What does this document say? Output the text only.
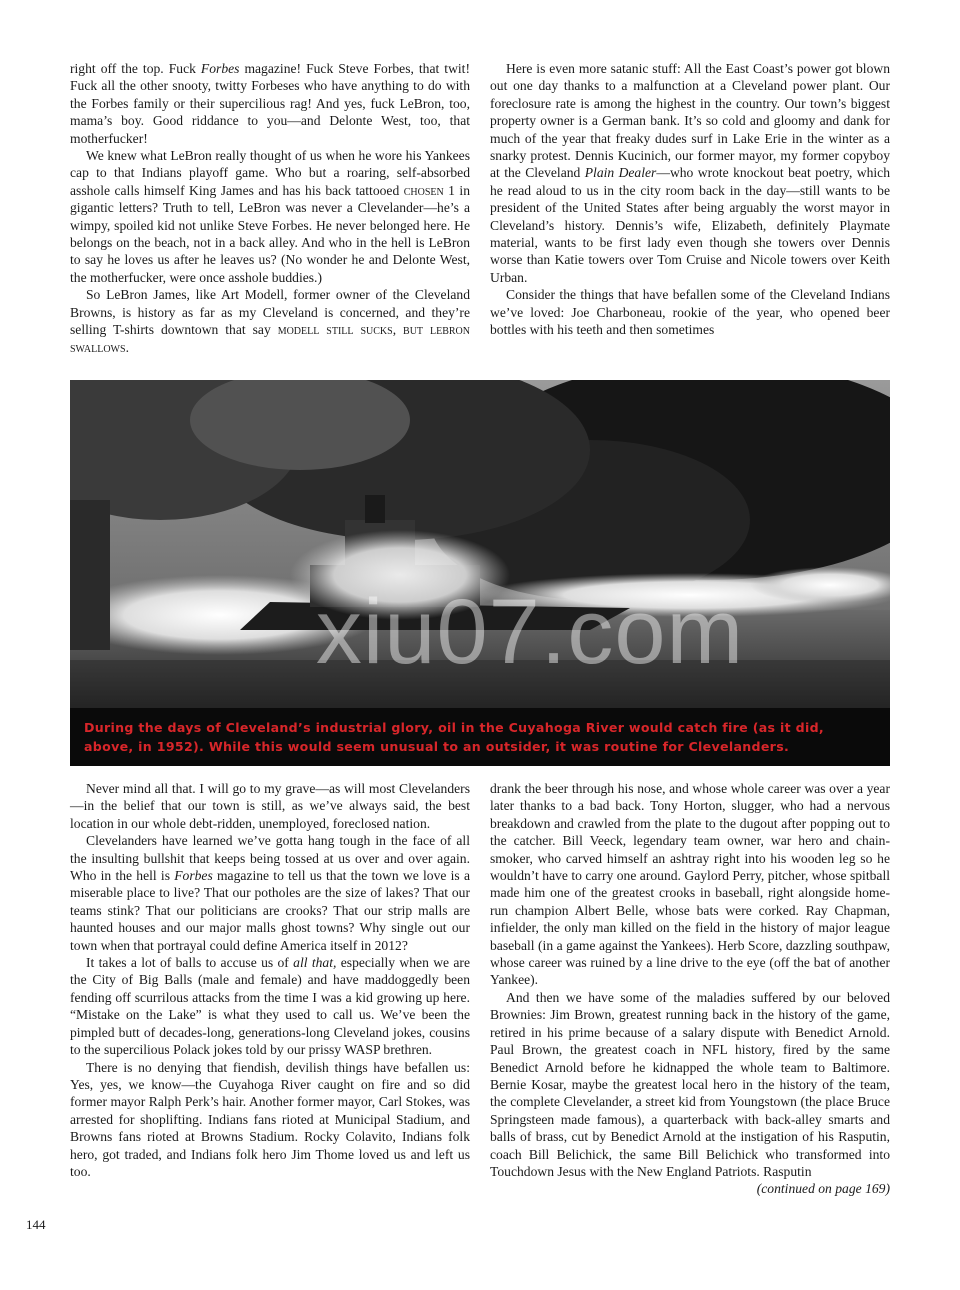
right off the top. Fuck Forbes magazine! Fuck Steve Forbes, that twit! Fuck all the other snooty, twitty Forbeses who have anything to do with the Forbes family or their supercilious rag! And yes, fuck LeBron, too, mama’s boy. Good riddance to you—and Delonte West, too, that motherfucker!

We knew what LeBron really thought of us when he wore his Yankees cap to that Indians playoff game. Who but a roaring, self-absorbed asshole calls himself King James and has his back tattooed chosen 1 in gigantic letters? Truth to tell, LeBron was never a Clevelander—he’s a wimpy, spoiled kid not unlike Steve Forbes. He never belonged here. He belongs on the beach, not in a back alley. And who in the hell is LeBron to say he loves us after he leaves us? (No wonder he and Delonte West, the motherfucker, were once asshole buddies.)

So LeBron James, like Art Modell, former owner of the Cleveland Browns, is history as far as my Cleveland is concerned, and they’re selling T-shirts downtown that say modell still sucks, but lebron swallows.

Here is even more satanic stuff: All the East Coast’s power got blown out one day thanks to a malfunction at a Cleveland power plant. Our foreclosure rate is among the highest in the country. Our town’s biggest property owner is a German bank. It’s so cold and gloomy and dank for much of the year that freaky dudes surf in Lake Erie in the winter as a snarky protest. Dennis Kucinich, our former mayor, my former copyboy at the Cleveland Plain Dealer—who wrote knockout beat poetry, which he read aloud to us in the city room back in the day—still wants to be president of the United States after being arguably the worst mayor in Cleveland’s history. Dennis’s wife, Elizabeth, definitely Playmate material, wants to be first lady even though she towers over Dennis worse than Katie towers over Tom Cruise and Nicole towers over Keith Urban.

Consider the things that have befallen some of the Cleveland Indians we’ve loved: Joe Charboneau, rookie of the year, who opened beer bottles with his teeth and then sometimes

xiu07.com
During the days of Cleveland’s industrial glory, oil in the Cuyahoga River would catch fire (as it did, above, in 1952). While this would seem unusual to an outsider, it was routine for Clevelanders.

Never mind all that. I will go to my grave—as will most Clevelanders—in the belief that our town is still, as we’ve always said, the best location in our whole debt-ridden, unemployed, foreclosed nation.

Clevelanders have learned we’ve gotta hang tough in the face of all the insulting bullshit that keeps being tossed at us over and over again. Who in the hell is Forbes magazine to tell us that the town we love is a miserable place to live? That our potholes are the size of lakes? That our teams stink? That our politicians are crooks? That our strip malls are haunted houses and our major malls ghost towns? Why single out our town when that portrayal could define America itself in 2012?

It takes a lot of balls to accuse us of all that, especially when we are the City of Big Balls (male and female) and have maddoggedly been fending off scurrilous attacks from the time I was a kid growing up here. “Mistake on the Lake” is what they used to call us. We’ve been the pimpled butt of decades-long, generations-long Cleveland jokes, cousins to the supercilious Polack jokes told by our prissy WASP brethren.

There is no denying that fiendish, devilish things have befallen us: Yes, yes, we know—the Cuyahoga River caught on fire and so did former mayor Ralph Perk’s hair. Another former mayor, Carl Stokes, was arrested for shoplifting. Indians fans rioted at Municipal Stadium, and Browns fans rioted at Browns Stadium. Rocky Colavito, Indians folk hero, got traded, and Indians folk hero Jim Thome loved us and left us too.

drank the beer through his nose, and whose whole career was over a year later thanks to a bad back. Tony Horton, slugger, who had a nervous breakdown and crawled from the plate to the dugout after popping out to the catcher. Bill Veeck, legendary team owner, war hero and chain-smoker, who carved himself an ashtray right into his wooden leg so he wouldn’t have to carry one around. Gaylord Perry, pitcher, whose spitball made him one of the greatest crooks in baseball, right alongside home-run champion Albert Belle, whose bats were corked. Ray Chapman, infielder, the only man killed on the field in the history of major league baseball (in a game against the Yankees). Herb Score, dazzling southpaw, whose career was ruined by a line drive to the eye (off the bat of another Yankee).

And then we have some of the maladies suffered by our beloved Brownies: Jim Brown, greatest running back in the history of the game, retired in his prime because of a salary dispute with Benedict Arnold. Paul Brown, the greatest coach in NFL history, fired by the same Benedict Arnold before he kidnapped the whole team to Baltimore. Bernie Kosar, maybe the greatest local hero in the history of the team, the complete Clevelander, a street kid from Youngstown (the place Bruce Springsteen made famous), a quarterback with back-alley smarts and balls of brass, cut by Benedict Arnold at the instigation of his Rasputin, coach Bill Belichick, the same Bill Belichick who transformed into Touchdown Jesus with the New England Patriots. Rasputin
(continued on page 169)

144
